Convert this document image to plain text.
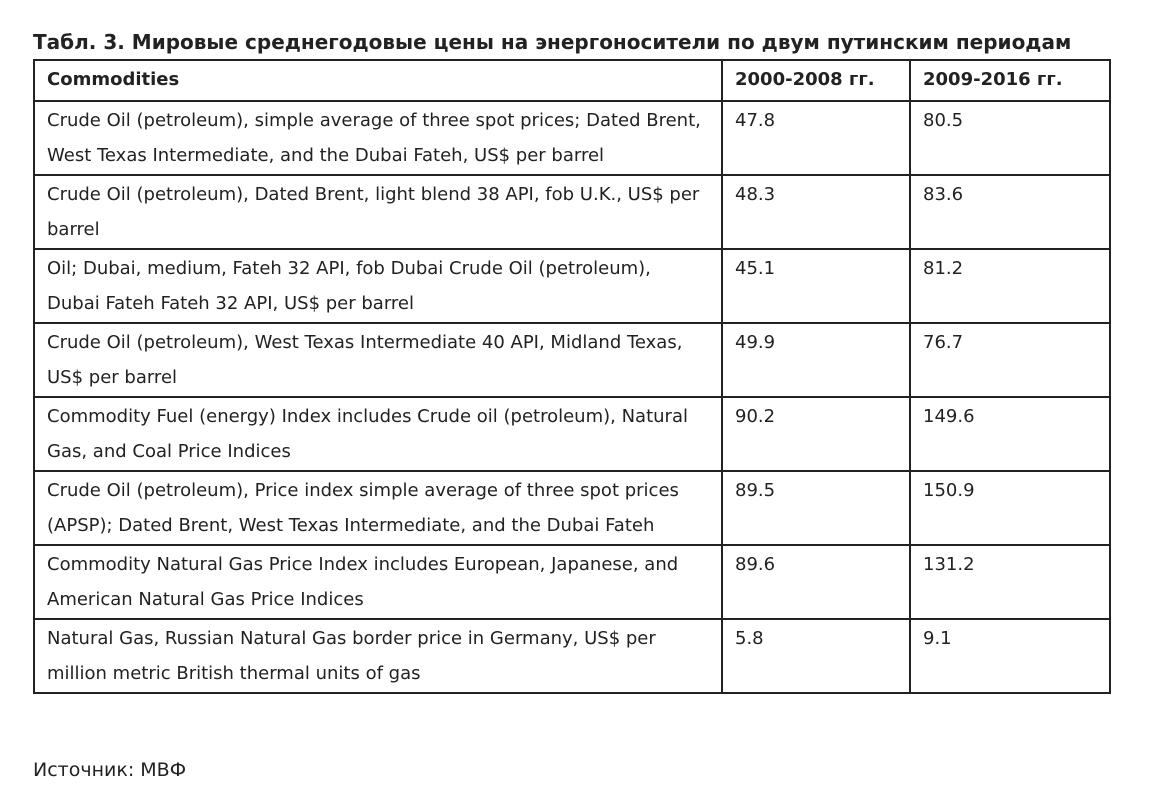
Табл. 3. Мировые среднегодовые цены на энергоносители по двум путинским периодам
Commodities	2000-2008 гг.	2009-2016 гг.
Crude Oil (petroleum), simple average of three spot prices; Dated Brent, West Texas Intermediate, and the Dubai Fateh, US$ per barrel	47.8	80.5
Crude Oil (petroleum), Dated Brent, light blend 38 API, fob U.K., US$ per barrel	48.3	83.6
Oil; Dubai, medium, Fateh 32 API, fob Dubai Crude Oil (petroleum), Dubai Fateh Fateh 32 API, US$ per barrel	45.1	81.2
Crude Oil (petroleum), West Texas Intermediate 40 API, Midland Texas, US$ per barrel	49.9	76.7
Commodity Fuel (energy) Index includes Crude oil (petroleum), Natural Gas, and Coal Price Indices	90.2	149.6
Crude Oil (petroleum), Price index simple average of three spot prices (APSP); Dated Brent, West Texas Intermediate, and the Dubai Fateh	89.5	150.9
Commodity Natural Gas Price Index includes European, Japanese, and American Natural Gas Price Indices	89.6	131.2
Natural Gas, Russian Natural Gas border price in Germany, US$ per million metric British thermal units of gas	5.8	9.1
Источник: МВФ
